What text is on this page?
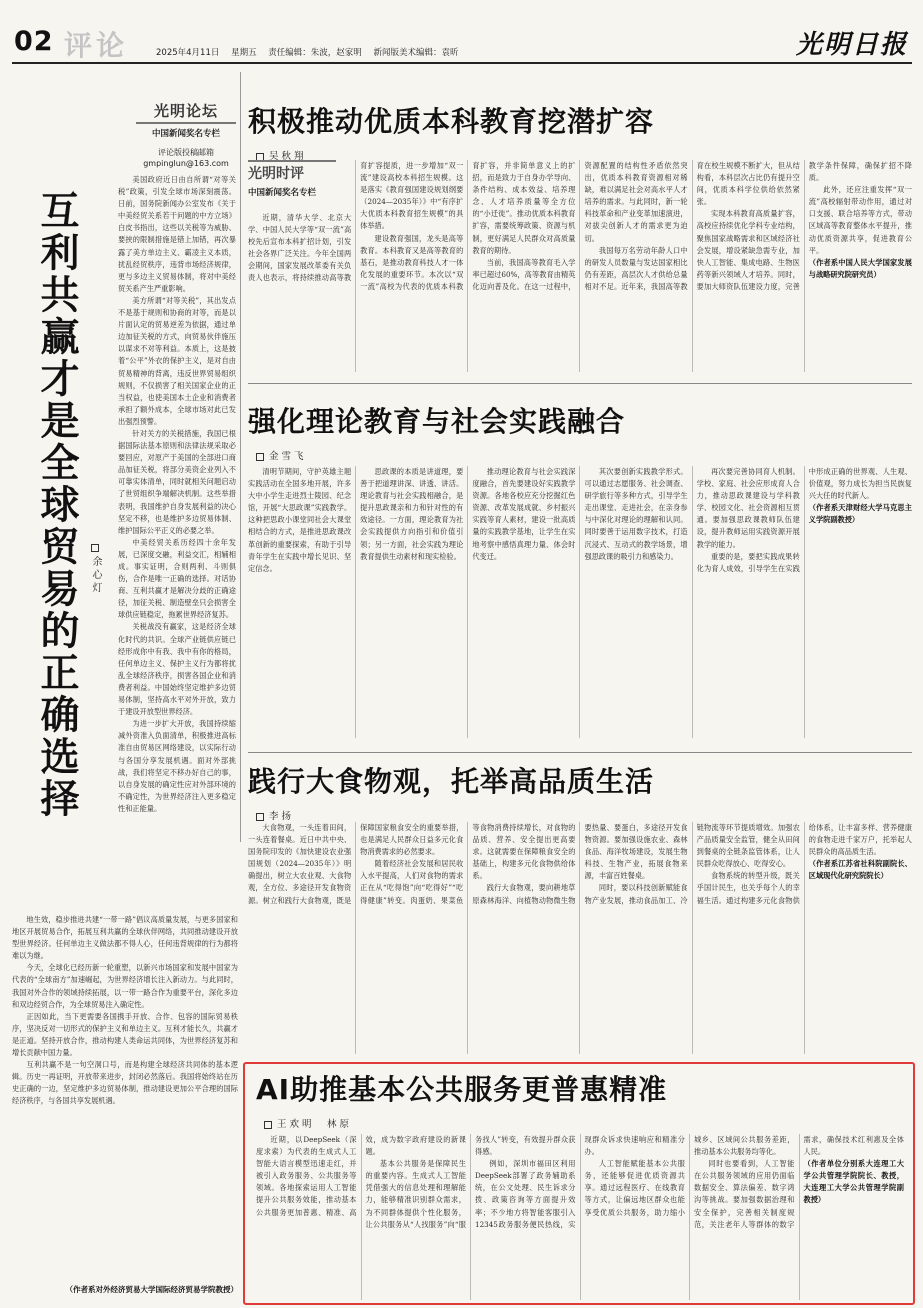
02 评论	2025年4月11日 星期五 责任编辑：朱波，赵家明 新闻版美术编辑：袁昕	光明日报
光明论坛
中国新闻奖名专栏
评论版投稿邮箱
gmpinglun@163.com
互利共赢才是全球贸易的正确选择 余心灯

美国政府近日由自所谓“对等关税”政策，引发全球市场深刻震荡。日前，国务院新闻办公室发布《关于中美经贸关系若干问题的中方立场》白皮书指出，这些以关税等为威胁、要挟的限制措施是错上加错，再次暴露了美方单边主义、霸凌主义本质，扰乱经贸秩序，违背市场经济规律，更与多边主义贸易体制，将对中美经贸关系产生严重影响。

美方所谓“对等关税”，其出发点不是基于规则和协商的对等，而是以片面认定的贸易逆差为依据，通过单边加征关税的方式，向贸易伙伴施压以谋求不对等利益。本质上，这是披着“公平”外衣的保护主义，是对自由贸易精神的背离，违反世界贸易组织规则，不仅损害了相关国家企业的正当权益，也使美国本土企业和消费者承担了额外成本，全球市场对此已发出强烈预警。

针对关方的关税措施，我国已根据国际法基本原则和法律法规采取必要回应，对原产于美国的全部进口商品加征关税，将部分美资企业列入不可靠实体清单，同时就相关问题启动了世贸组织争端解决机制。这些举措表明，我国维护自身发展利益的决心坚定不移，也是维护多边贸易体制、维护国际公平正义的必要之举。

中美经贸关系历经四十余年发展，已深度交融，利益交汇，相辅相成。事实证明，合则两利、斗则俱伤，合作是唯一正确的选择。对话协商、互利共赢才是解决分歧的正确途径，加征关税、制造壁垒只会损害全球供应链稳定，拖累世界经济复苏。

关税战没有赢家，这是经济全球化时代的共识。全球产业链供应链已经形成你中有我、我中有你的格局，任何单边主义、保护主义行为都将扰乱全球经济秩序，损害各国企业和消费者利益。中国始终坚定维护多边贸易体制，坚持高水平对外开放，致力于建设开放型世界经济。

为进一步扩大开放，我国持续缩减外资准入负面清单，积极推进高标准自由贸易区网络建设，以实际行动与各国分享发展机遇。面对外部挑战，我们将坚定不移办好自己的事，以自身发展的确定性应对外部环境的不确定性，为世界经济注入更多稳定性和正能量。

地生效，稳步推进共建“一带一路”倡议高质量发展，与更多国家和地区开展贸易合作，拓展互利共赢的全球伙伴网络，共同推动建设开放型世界经济。任何单边主义做法都不得人心，任何违背规律的行为都将难以为继。

今天，全球化已经历新一轮重塑，以新兴市场国家和发展中国家为代表的“全球南方”加速崛起，为世界经济增长注入新动力。与此同时，我国对外合作的领域持续拓展，以一带一路合作为重要平台，深化多边和双边经贸合作，为全球贸易注入确定性。

正因如此，当下更需要各国携手开放、合作、包容的国际贸易秩序，坚决反对一切形式的保护主义和单边主义。互利才能长久，共赢才是正道。坚持开放合作，推动构建人类命运共同体，为世界经济复苏和增长贡献中国力量。

互利共赢不是一句空洞口号，而是构建全球经济共同体的基本逻辑。历史一再证明，开放带来进步，封闭必然落后。我国将始终站在历史正确的一边，坚定维护多边贸易体制，推动建设更加公平合理的国际经济秩序，与各国共享发展机遇。

（作者系对外经济贸易大学国际经济贸易学院教授）
积极推动优质本科教育挖潜扩容
吴秋翔
光明时评
中国新闻奖名专栏

近期，清华大学、北京大学、中国人民大学等“双一流”高校先后宣布本科扩招计划，引发社会各界广泛关注。今年全国两会期间，国家发展改革委有关负责人也表示，将持续推动高等教育扩容提质，进一步增加“双一流”建设高校本科招生规模。这是落实《教育强国建设规划纲要（2024—2035年）》中“有序扩大优质本科教育招生规模”的具体举措。

建设教育强国，龙头是高等教育。本科教育又是高等教育的基石，是推动教育科技人才一体化发展的重要环节。本次以“双一流”高校为代表的优质本科教育扩容，并非简单意义上的扩招，而是致力于自身办学导向、条件结构、成本效益、培养理念、人才培养质量等全方位的“小迁徙”。推动优质本科教育扩容，需要统筹政策、资源与机制，更好满足人民群众对高质量教育的期待。

当前，我国高等教育毛入学率已超过60%，高等教育由精英化迈向普及化。在这一过程中，资源配置的结构性矛盾依然突出，优质本科教育资源相对稀缺，难以满足社会对高水平人才培养的需求。与此同时，新一轮科技革命和产业变革加速演进，对拔尖创新人才的需求更为迫切。

我国每万名劳动年龄人口中的研发人员数量与发达国家相比仍有差距，高层次人才供给总量相对不足。近年来，我国高等教育在校生规模不断扩大，但从结构看，本科层次占比仍有提升空间，优质本科学位供给依然紧张。

实现本科教育高质量扩容，高校应持续优化学科专业结构，聚焦国家战略需求和区域经济社会发展，增设紧缺急需专业，加快人工智能、集成电路、生物医药等新兴领域人才培养。同时，要加大师资队伍建设力度，完善教学条件保障，确保扩招不降质。

此外，还应注重发挥“双一流”高校辐射带动作用，通过对口支援、联合培养等方式，带动区域高等教育整体水平提升，推动优质资源共享，促进教育公平。

（作者系中国人民大学国家发展与战略研究院研究员）

强化理论教育与社会实践融合
金雪飞

清明节期间，守护英雄主题实践活动在全国多地开展，许多大中小学生走进烈士陵园、纪念馆，开展“大思政课”实践教学。这种把思政小课堂同社会大课堂相结合的方式，是推进思政课改革创新的重要探索，有助于引导青年学生在实践中增长见识、坚定信念。

思政课的本质是讲道理，要善于把道理讲深、讲透、讲活。理论教育与社会实践相融合，是提升思政课亲和力和针对性的有效途径。一方面，理论教育为社会实践提供方向指引和价值引领；另一方面，社会实践为理论教育提供生动素材和现实检验。

推动理论教育与社会实践深度融合，首先要建设好实践教学资源。各地各校应充分挖掘红色资源、改革发展成就、乡村振兴实践等育人素材，建设一批高质量的实践教学基地，让学生在实地考察中感悟真理力量、体会时代变迁。

其次要创新实践教学形式。可以通过志愿服务、社会调查、研学旅行等多种方式，引导学生走出课堂、走进社会，在亲身参与中深化对理论的理解和认同。同时要善于运用数字技术，打造沉浸式、互动式的教学场景，增强思政课的吸引力和感染力。

再次要完善协同育人机制。学校、家庭、社会应形成育人合力，推动思政课建设与学科教学、校园文化、社会资源相互贯通。要加强思政课教师队伍建设，提升教师运用实践资源开展教学的能力。

重要的是，要把实践成果转化为育人成效，引导学生在实践中形成正确的世界观、人生观、价值观，努力成长为担当民族复兴大任的时代新人。

（作者系天津财经大学马克思主义学院副教授）

践行大食物观，托举高品质生活
李扬

大食物观，一头连着田间，一头连着餐桌。近日中共中央、国务院印发的《加快建设农业强国规划（2024—2035年）》明确提出，树立大农业观、大食物观，全方位、多途径开发食物资源。树立和践行大食物观，既是保障国家粮食安全的重要举措，也是满足人民群众日益多元化食物消费需求的必然要求。

随着经济社会发展和居民收入水平提高，人们对食物的需求正在从“吃得饱”向“吃得好”“吃得健康”转变。肉蛋奶、果菜鱼等食物消费持续增长，对食物的品质、营养、安全提出更高要求。这就需要在保障粮食安全的基础上，构建多元化食物供给体系。

践行大食物观，要向耕地草原森林海洋、向植物动物微生物要热量、要蛋白，多途径开发食物资源。要加强设施农业、森林食品、海洋牧场建设，发展生物科技、生物产业，拓展食物来源，丰富百姓餐桌。

同时，要以科技创新赋能食物产业发展，推动食品加工、冷链物流等环节提质增效。加强农产品质量安全监管，健全从田间到餐桌的全链条监管体系，让人民群众吃得放心、吃得安心。

食物系统的转型升级，既关乎国计民生，也关乎每个人的幸福生活。通过构建多元化食物供给体系，让丰富多样、营养健康的食物走进千家万户，托举起人民群众的高品质生活。

（作者系江苏省社科院副院长、区域现代化研究院院长）

AI助推基本公共服务更普惠精准
王欢明　林原

近期，以DeepSeek（深度求索）为代表的生成式人工智能大语言模型迅速走红，并被引入政务服务、公共服务等领域。各地探索运用人工智能提升公共服务效能，推动基本公共服务更加普惠、精准、高效，成为数字政府建设的新课题。

基本公共服务是保障民生的重要内容。生成式人工智能凭借强大的信息处理和理解能力，能够精准识别群众需求，为不同群体提供个性化服务，让公共服务从“人找服务”向“服务找人”转变，有效提升群众获得感。

例如，深圳市福田区利用DeepSeek部署了政务辅助系统，在公文处理、民生诉求分拨、政策咨询等方面提升效率；不少地方将智能客服引入12345政务服务便民热线，实现群众诉求快速响应和精准分办。

人工智能赋能基本公共服务，还能够促进优质资源共享。通过远程医疗、在线教育等方式，让偏远地区群众也能享受优质公共服务，助力缩小城乡、区域间公共服务差距，推动基本公共服务均等化。

同时也要看到，人工智能在公共服务领域的应用仍面临数据安全、算法偏差、数字鸿沟等挑战。要加强数据治理和安全保护，完善相关制度规范，关注老年人等群体的数字需求，确保技术红利惠及全体人民。

（作者单位分别系大连理工大学公共管理学院院长、教授，大连理工大学公共管理学院副教授）
